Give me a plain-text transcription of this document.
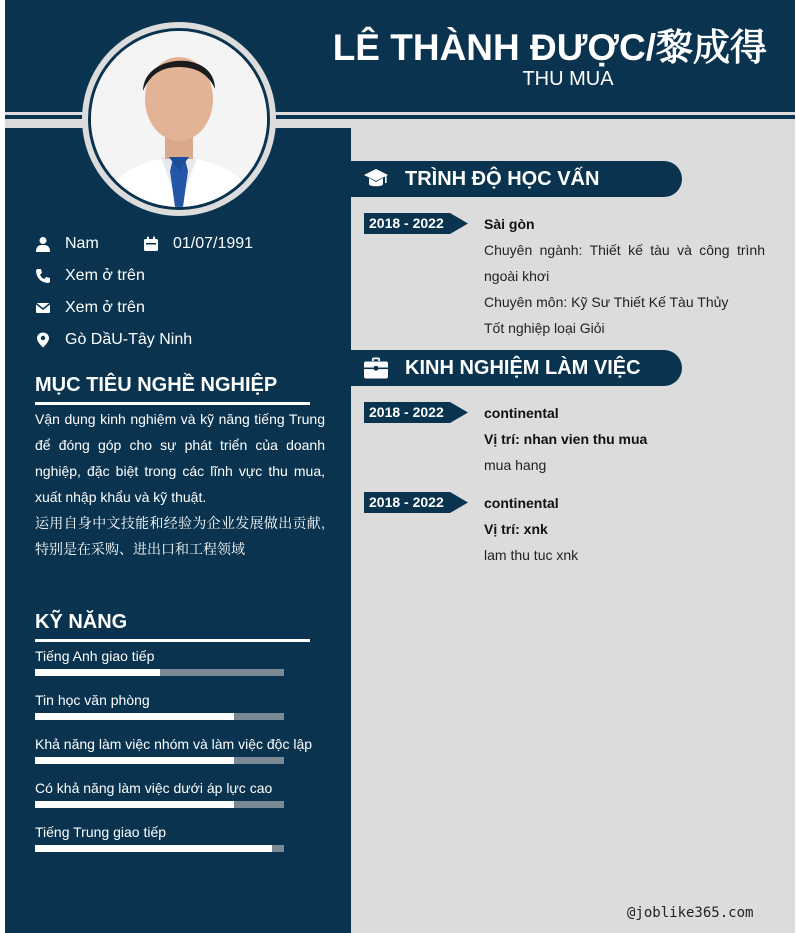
LÊ THÀNH ĐƯỢC/黎成得
THU MUA
Nam	01/07/1991
Xem ở trên
Xem ở trên
Gò DầU-Tây Ninh
MỤC TIÊU NGHỀ NGHIỆP

Vận dụng kinh nghiệm và kỹ năng tiếng Trung để đóng góp cho sự phát triển của doanh nghiệp, đặc biệt trong các lĩnh vực thu mua, xuất nhập khẩu và kỹ thuật.

运用自身中文技能和经验为企业发展做出贡献,特别是在采购、进出口和工程领域

KỸ NĂNG
Tiếng Anh giao tiếp
Tin học văn phòng
Khả năng làm việc nhóm và làm việc độc lập
Có khả năng làm việc dưới áp lực cao
Tiếng Trung giao tiếp
TRÌNH ĐỘ HỌC VẤN
2018 - 2022	Sài gòn
Chuyên ngành: Thiết kế tàu và công trình ngoài khơi
Chuyên môn: Kỹ Sư Thiết Kế Tàu Thủy
Tốt nghiệp loại Giỏi
KINH NGHIỆM LÀM VIỆC
2018 - 2022	continental
Vị trí: nhan vien thu mua
mua hang
2018 - 2022	continental
Vị trí: xnk
lam thu tuc xnk
@joblike365.com
